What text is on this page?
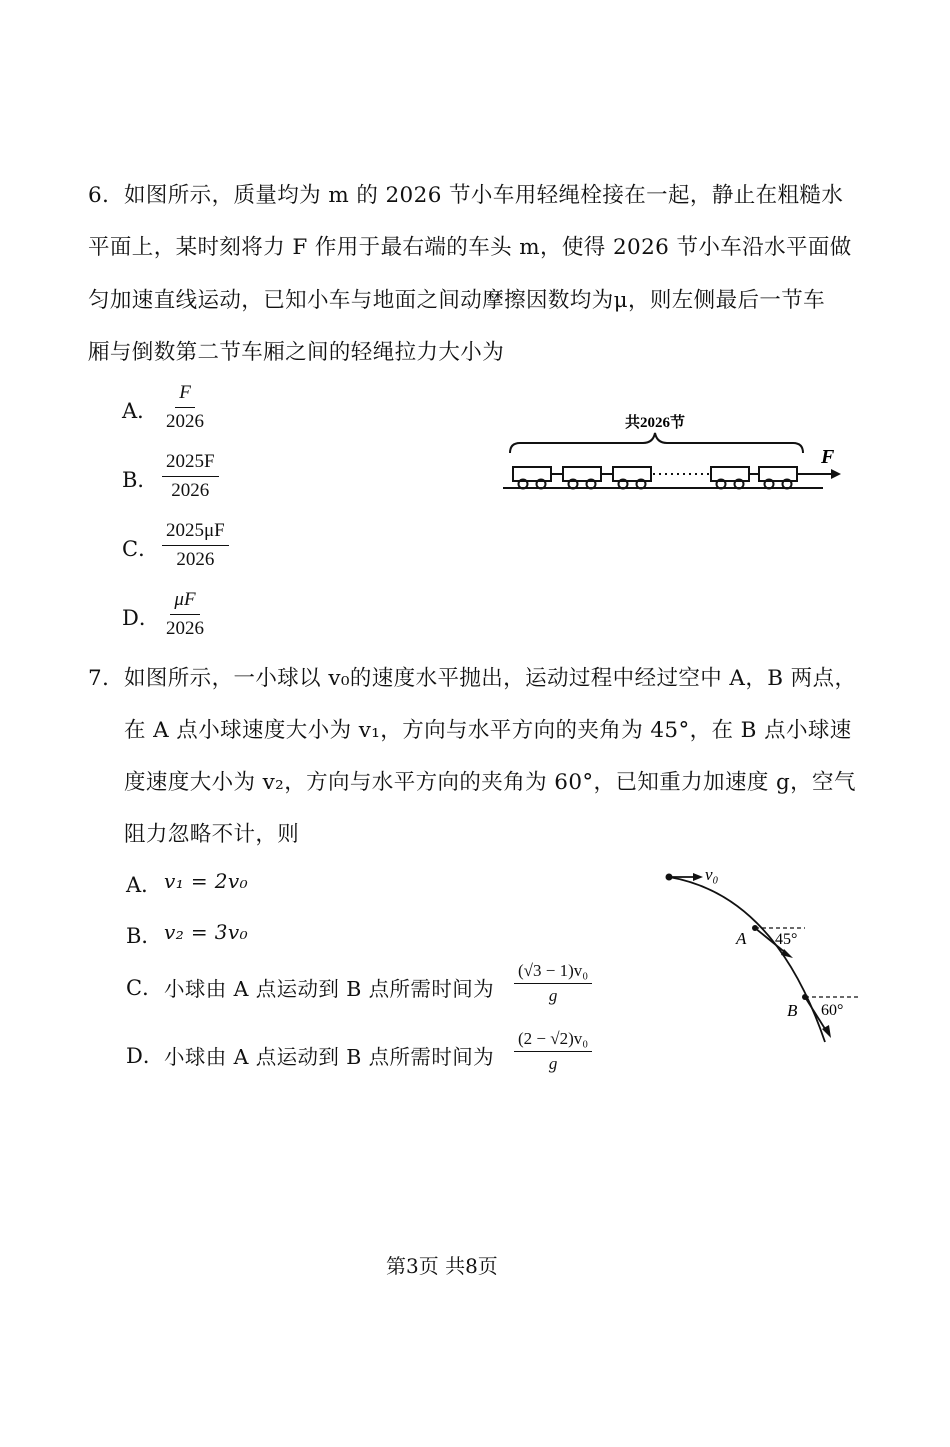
6．如图所示，质量均为 m 的 2026 节小车用轻绳栓接在一起，静止在粗糙水
平面上，某时刻将力 F 作用于最右端的车头 m，使得 2026 节小车沿水平面做
匀加速直线运动，已知小车与地面之间动摩擦因数均为μ，则左侧最后一节车
厢与倒数第二节车厢之间的轻绳拉力大小为
A． $\frac{F}{2026}$
B． $\frac{2025F}{2026}$
C． $\frac{2025\mu F}{2026}$
D． $\frac{\mu F}{2026}$
共2026节
F
7．如图所示，一小球以 v₀的速度水平抛出，运动过程中经过空中 A，B 两点，
在 A 点小球速度大小为 v₁，方向与水平方向的夹角为 45°，在 B 点小球速
度速度大小为 v₂，方向与水平方向的夹角为 60°，已知重力加速度 g，空气
阻力忽略不计，则
A． v₁ = 2v₀
B． v₂ = 3v₀
C． 小球由 A 点运动到 B 点所需时间为 $\frac{\text{(√3 − 1)v₀}}{g}$
D． 小球由 A 点运动到 B 点所需时间为 $\frac{\text{(2 − √2)v₀}}{g}$
v₀
A 45°
B 60°
第3页 共8页
